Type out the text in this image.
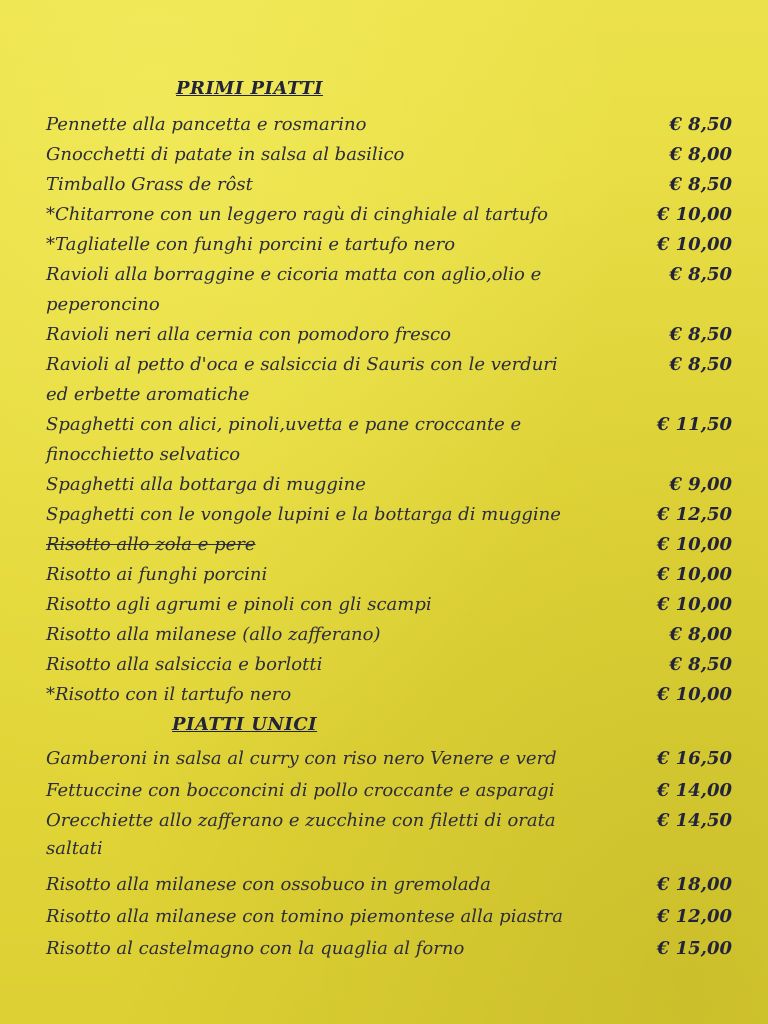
PRIMI PIATTI
Pennette alla pancetta e rosmarino	€ 8,50
Gnocchetti di patate in salsa al basilico	€ 8,00
Timballo Grass de rôst	€ 8,50
*Chitarrone con un leggero ragù di cinghiale al tartufo	€ 10,00
*Tagliatelle con funghi porcini e tartufo nero	€ 10,00
Ravioli alla borraggine e cicoria matta con aglio,olio e	€ 8,50
peperoncino
Ravioli neri alla cernia con pomodoro fresco	€ 8,50
Ravioli al petto d'oca e salsiccia di Sauris con le verduri	€ 8,50
ed erbette aromatiche
Spaghetti con alici, pinoli,uvetta e pane croccante e	€ 11,50
finocchietto selvatico
Spaghetti alla bottarga di muggine	€ 9,00
Spaghetti con le vongole lupini e la bottarga di muggine	€ 12,50
Risotto allo zola e pere	€ 10,00
Risotto ai funghi porcini	€ 10,00
Risotto agli agrumi e pinoli con gli scampi	€ 10,00
Risotto alla milanese (allo zafferano)	€ 8,00
Risotto alla salsiccia e borlotti	€ 8,50
*Risotto con il tartufo nero	€ 10,00
PIATTI UNICI
Gamberoni in salsa al curry con riso nero Venere e verd	€ 16,50
Fettuccine con bocconcini di pollo croccante e asparagi	€ 14,00
Orecchiette allo zafferano e zucchine con filetti di orata	€ 14,50
saltati
Risotto alla milanese con ossobuco in gremolada	€ 18,00
Risotto alla milanese con tomino piemontese alla piastra	€ 12,00
Risotto al castelmagno con la quaglia al forno	€ 15,00
